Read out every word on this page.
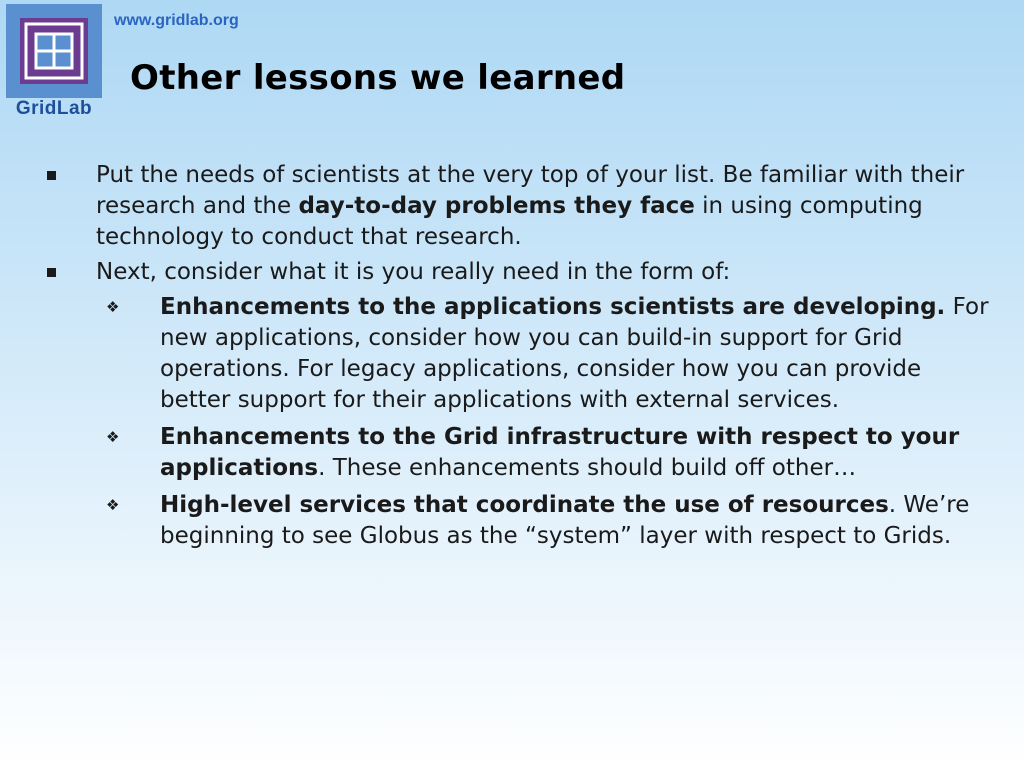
GridLab
www.gridlab.org
Other lessons we learned
Put the needs of scientists at the very top of your list. Be familiar with their research and the day-to-day problems they face in using computing technology to conduct that research.
Next, consider what it is you really need in the form of:
❖ Enhancements to the applications scientists are developing. For new applications, consider how you can build-in support for Grid operations. For legacy applications, consider how you can provide better support for their applications with external services.
❖ Enhancements to the Grid infrastructure with respect to your applications. These enhancements should build off other…
❖ High-level services that coordinate the use of resources. We’re beginning to see Globus as the “system” layer with respect to Grids.
